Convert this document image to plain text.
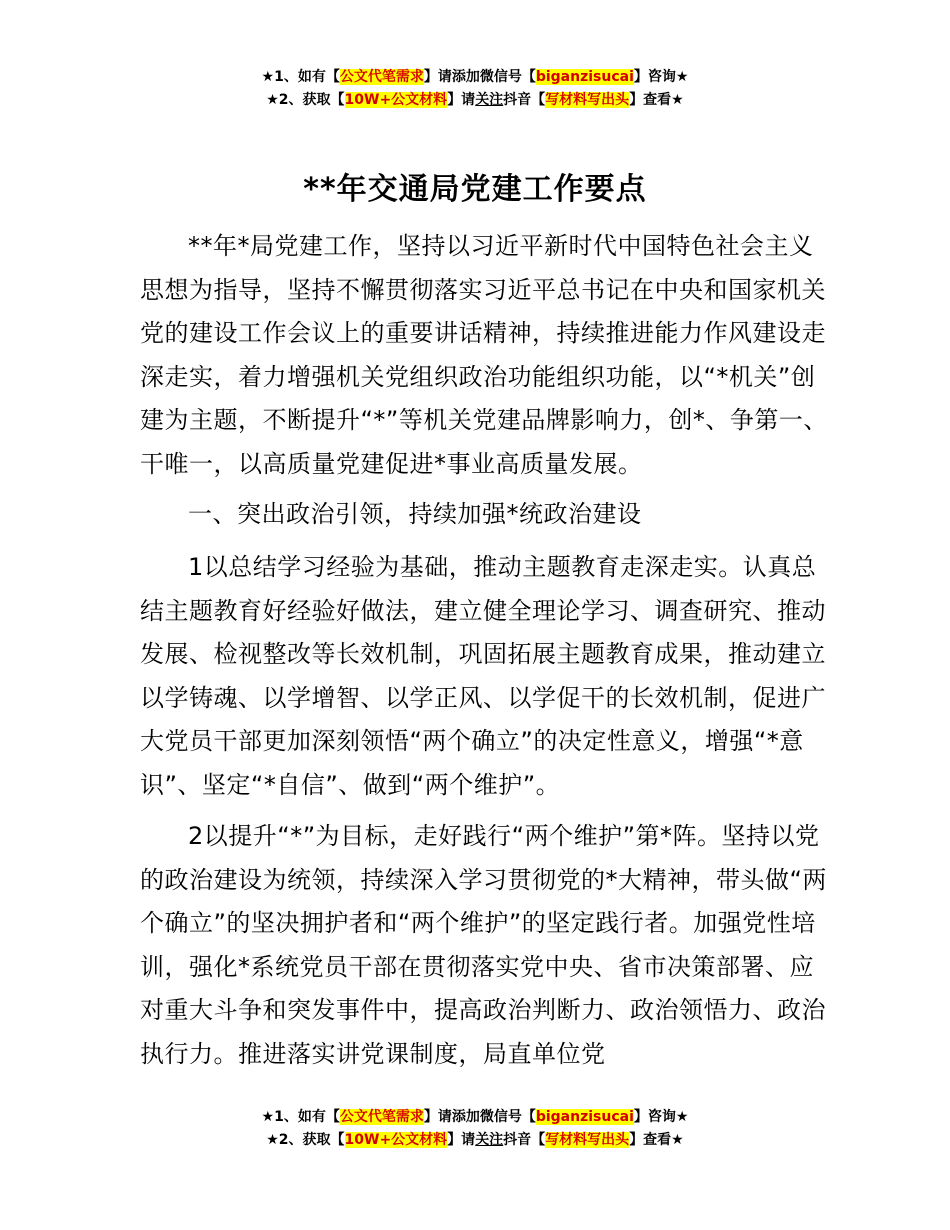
★1、如有【公文代笔需求】请添加微信号【biganzisucai】咨询★
★2、获取【10W+公文材料】请关注抖音【写材料写出头】查看★
**年交通局党建工作要点

**年*局党建工作，坚持以习近平新时代中国特色社会主义思想为指导，坚持不懈贯彻落实习近平总书记在中央和国家机关党的建设工作会议上的重要讲话精神，持续推进能力作风建设走深走实，着力增强机关党组织政治功能组织功能，以“*机关”创建为主题，不断提升“*”等机关党建品牌影响力，创*、争第一、干唯一，以高质量党建促进*事业高质量发展。

一、突出政治引领，持续加强*统政治建设

1以总结学习经验为基础，推动主题教育走深走实。认真总结主题教育好经验好做法，建立健全理论学习、调查研究、推动发展、检视整改等长效机制，巩固拓展主题教育成果，推动建立以学铸魂、以学增智、以学正风、以学促干的长效机制，促进广大党员干部更加深刻领悟“两个确立”的决定性意义，增强“*意识”、坚定“*自信”、做到“两个维护”。

2以提升“*”为目标，走好践行“两个维护”第*阵。坚持以党的政治建设为统领，持续深入学习贯彻党的*大精神，带头做“两个确立”的坚决拥护者和“两个维护”的坚定践行者。加强党性培训，强化*系统党员干部在贯彻落实党中央、省市决策部署、应对重大斗争和突发事件中，提高政治判断力、政治领悟力、政治执行力。推进落实讲党课制度，局直单位党

★1、如有【公文代笔需求】请添加微信号【biganzisucai】咨询★
★2、获取【10W+公文材料】请关注抖音【写材料写出头】查看★
